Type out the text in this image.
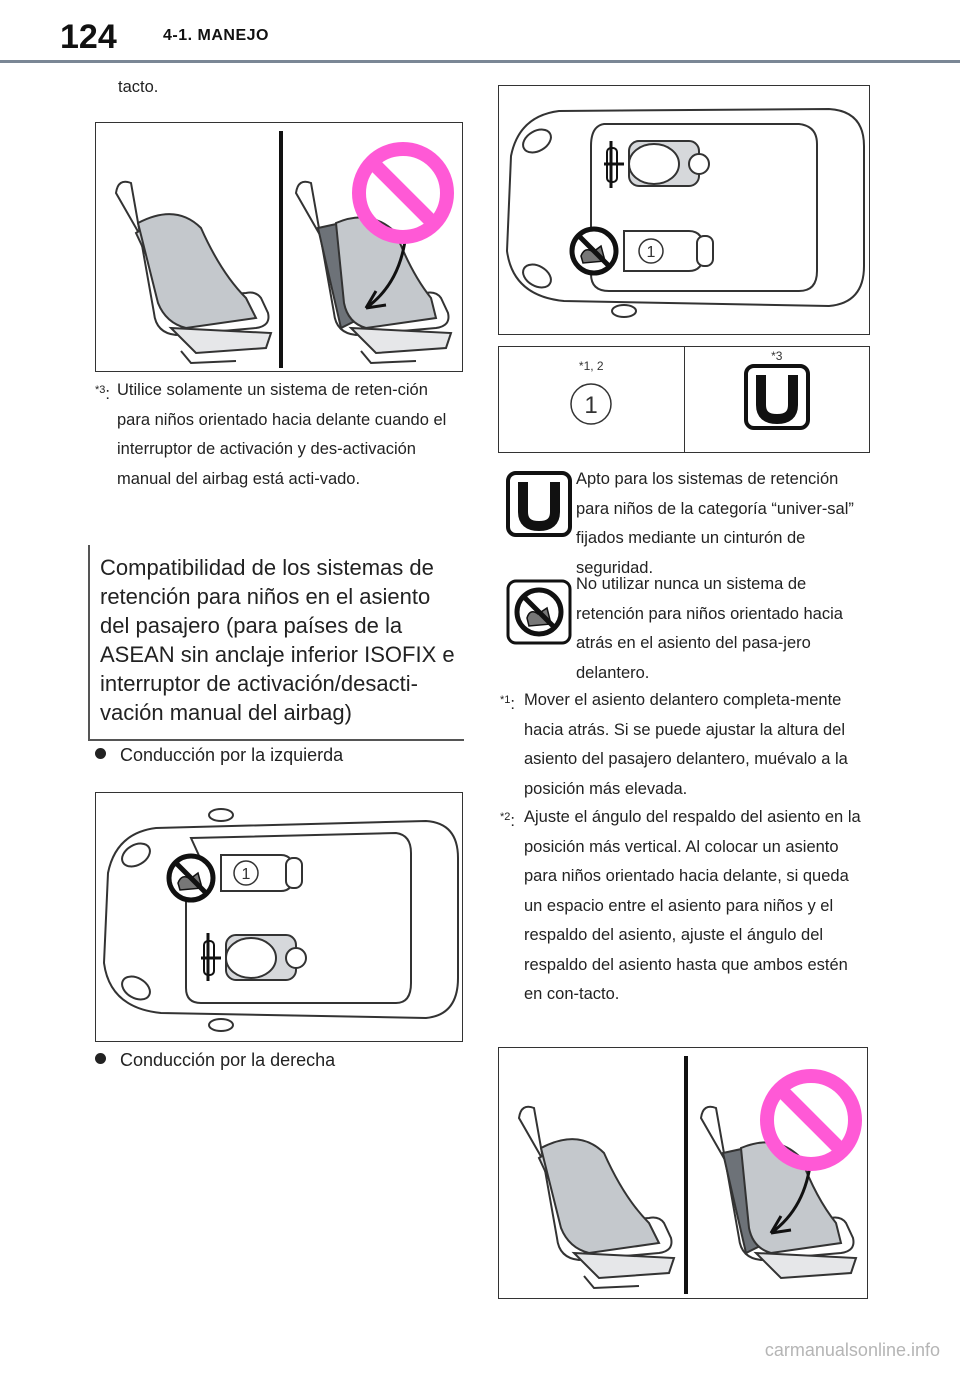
124	4-1. MANEJO
tacto.
$^{*3}$: Utilice solamente un sistema de reten-ción para niños orientado hacia delante cuando el interruptor de activación y des-activación manual del airbag está acti-vado.
Compatibilidad de los sistemas de retención para niños en el asiento del pasajero (para países de la ASEAN sin anclaje inferior ISOFIX e interruptor de activación/desacti-vación manual del airbag)
Conducción por la izquierda
1
Conducción por la derecha
1
*1, 2
1

*3
Apto para los sistemas de retención para niños de la categoría “univer-sal” fijados mediante un cinturón de seguridad.
No utilizar nunca un sistema de retención para niños orientado hacia atrás en el asiento del pasa-jero delantero.
$^{*1}$: Mover el asiento delantero completa-mente hacia atrás. Si se puede ajustar la altura del asiento del pasajero delantero, muévalo a la posición más elevada.
$^{*2}$: Ajuste el ángulo del respaldo del asiento en la posición más vertical. Al colocar un asiento para niños orientado hacia delante, si queda un espacio entre el asiento para niños y el respaldo del asiento, ajuste el ángulo del respaldo del asiento hasta que ambos estén en con-tacto.
carmanualsonline.info
